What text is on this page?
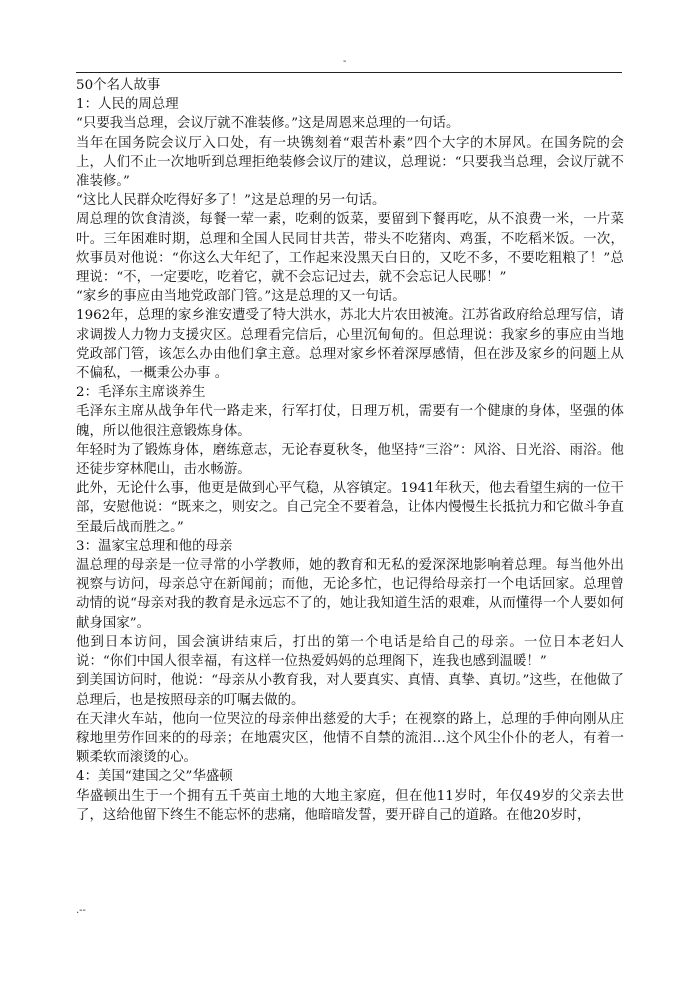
-

50个名人故事

1：人民的周总理

“只要我当总理，会议厅就不准装修。”这是周恩来总理的一句话。

当年在国务院会议厅入口处，有一块镌刻着“艰苦朴素”四个大字的木屏风。在国务院的会上，人们不止一次地听到总理拒绝装修会议厅的建议，总理说：“只要我当总理，会议厅就不准装修。”

“这比人民群众吃得好多了！”这是总理的另一句话。

周总理的饮食清淡，每餐一荤一素，吃剩的饭菜，要留到下餐再吃，从不浪费一米，一片菜叶。三年困难时期，总理和全国人民同甘共苦，带头不吃猪肉、鸡蛋，不吃稻米饭。一次，炊事员对他说：“你这么大年纪了，工作起来没黑天白日的，又吃不多，不要吃粗粮了！”总理说：“不，一定要吃，吃着它，就不会忘记过去，就不会忘记人民哪！”

“家乡的事应由当地党政部门管。”这是总理的又一句话。

1962年，总理的家乡淮安遭受了特大洪水，苏北大片农田被淹。江苏省政府给总理写信，请求调拨人力物力支援灾区。总理看完信后，心里沉甸甸的。但总理说：我家乡的事应由当地党政部门管，该怎么办由他们拿主意。总理对家乡怀着深厚感情，但在涉及家乡的问题上从不偏私，一概秉公办事 。

2：毛泽东主席谈养生

毛泽东主席从战争年代一路走来，行军打仗，日理万机，需要有一个健康的身体，坚强的体魄，所以他很注意锻炼身体。

年轻时为了锻炼身体，磨练意志，无论春夏秋冬，他坚持“三浴”：风浴、日光浴、雨浴。他还徒步穿林爬山，击水畅游。

此外，无论什么事，他更是做到心平气稳，从容镇定。1941年秋天，他去看望生病的一位干部，安慰他说：“既来之，则安之。自己完全不要着急，让体内慢慢生长抵抗力和它做斗争直至最后战而胜之。”

3：温家宝总理和他的母亲

温总理的母亲是一位寻常的小学教师，她的教育和无私的爱深深地影响着总理。每当他外出视察与访问，母亲总守在新闻前；而他，无论多忙，也记得给母亲打一个电话回家。总理曾动情的说“母亲对我的教育是永远忘不了的，她让我知道生活的艰难，从而懂得一个人要如何献身国家”。

他到日本访问，国会演讲结束后，打出的第一个电话是给自己的母亲。一位日本老妇人说：“你们中国人很幸福，有这样一位热爱妈妈的总理阁下，连我也感到温暖！”

到美国访问时，他说：“母亲从小教育我，对人要真实、真情、真挚、真切。”这些，在他做了总理后，也是按照母亲的叮嘱去做的。

在天津火车站，他向一位哭泣的母亲伸出慈爱的大手；在视察的路上，总理的手伸向刚从庄稼地里劳作回来的的母亲；在地震灾区，他情不自禁的流泪…这个风尘仆仆的老人，有着一颗柔软而滚烫的心。

4：美国“建国之父”华盛顿

华盛顿出生于一个拥有五千英亩土地的大地主家庭，但在他11岁时，年仅49岁的父亲去世了，这给他留下终生不能忘怀的悲痛，他暗暗发誓，要开辟自己的道路。在他20岁时，

.--
